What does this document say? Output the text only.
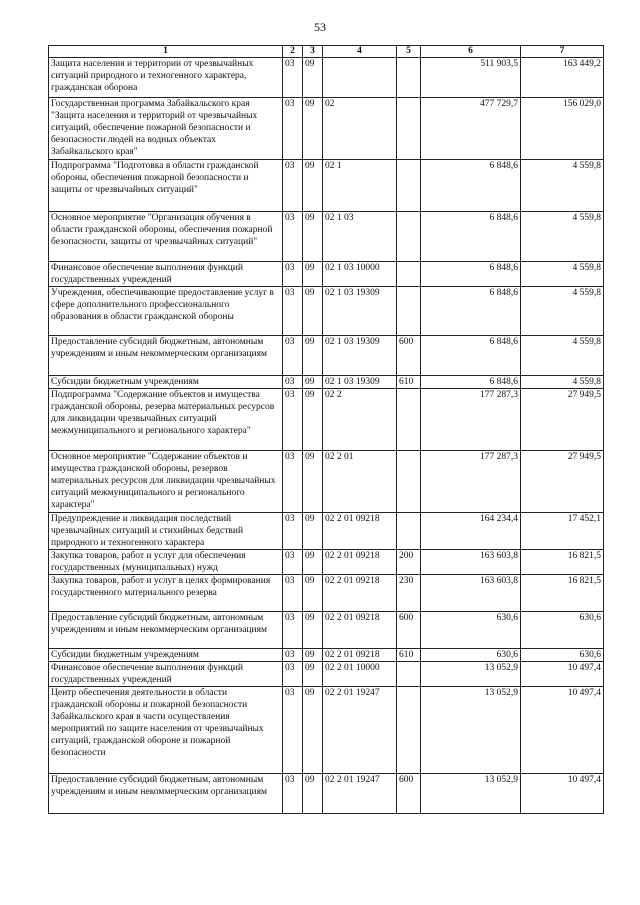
53
1	2	3	4	5	6	7
Защита населения и территории от чрезвычайных ситуаций природного и техногенного характера, гражданская оборона	03	09			511 903,5	163 449,2
Государственная программа Забайкальского края "Защита населения и территорий от чрезвычайных ситуаций, обеспечение пожарной безопасности и безопасности людей на водных объектах Забайкальского края"	03	09	02		477 729,7	156 029,0
Подпрограмма "Подготовка в области гражданской обороны, обеспечения пожарной безопасности и защиты от чрезвычайных ситуаций"	03	09	02 1		6 848,6	4 559,8
Основное мероприятие "Организация обучения в области гражданской обороны, обеспечения пожарной безопасности, защиты от чрезвычайных ситуаций"	03	09	02 1 03		6 848,6	4 559,8
Финансовое обеспечение выполнения функций государственных учреждений	03	09	02 1 03 10000		6 848,6	4 559,8
Учреждения, обеспечивающие предоставление услуг в сфере дополнительного профессионального образования в области гражданской обороны	03	09	02 1 03 19309		6 848,6	4 559,8
Предоставление субсидий бюджетным, автономным учреждениям и иным некоммерческим организациям	03	09	02 1 03 19309	600	6 848,6	4 559,8
Субсидии бюджетным учреждениям	03	09	02 1 03 19309	610	6 848,6	4 559,8
Подпрограмма "Содержание объектов и имущества гражданской обороны, резерва материальных ресурсов для ликвидации чрезвычайных ситуаций межмуниципального и регионального характера"	03	09	02 2		177 287,3	27 949,5
Основное мероприятие "Содержание объектов и имущества гражданской обороны, резервов материальных ресурсов для ликвидации чрезвычайных ситуаций межмуниципального и регионального характера"	03	09	02 2 01		177 287,3	27 949,5
Предупреждение и ликвидация последствий чрезвычайных ситуаций и стихийных бедствий природного и техногенного характера	03	09	02 2 01 09218		164 234,4	17 452,1
Закупка товаров, работ и услуг для обеспечения государственных (муниципальных) нужд	03	09	02 2 01 09218	200	163 603,8	16 821,5
Закупка товаров, работ и услуг в целях формирования государственного материального резерва	03	09	02 2 01 09218	230	163 603,8	16 821,5
Предоставление субсидий бюджетным, автономным учреждениям и иным некоммерческим организациям	03	09	02 2 01 09218	600	630,6	630,6
Субсидии бюджетным учреждениям	03	09	02 2 01 09218	610	630,6	630,6
Финансовое обеспечение выполнения функций государственных учреждений	03	09	02 2 01 10000		13 052,9	10 497,4
Центр обеспечения деятельности в области гражданской обороны и пожарной безопасности Забайкальского края в части осуществления мероприятий по защите населения от чрезвычайных ситуаций, гражданской обороне и пожарной безопасности	03	09	02 2 01 19247		13 052,9	10 497,4
Предоставление субсидий бюджетным, автономным учреждениям и иным некоммерческим организациям	03	09	02 2 01 19247	600	13 052,9	10 497,4
